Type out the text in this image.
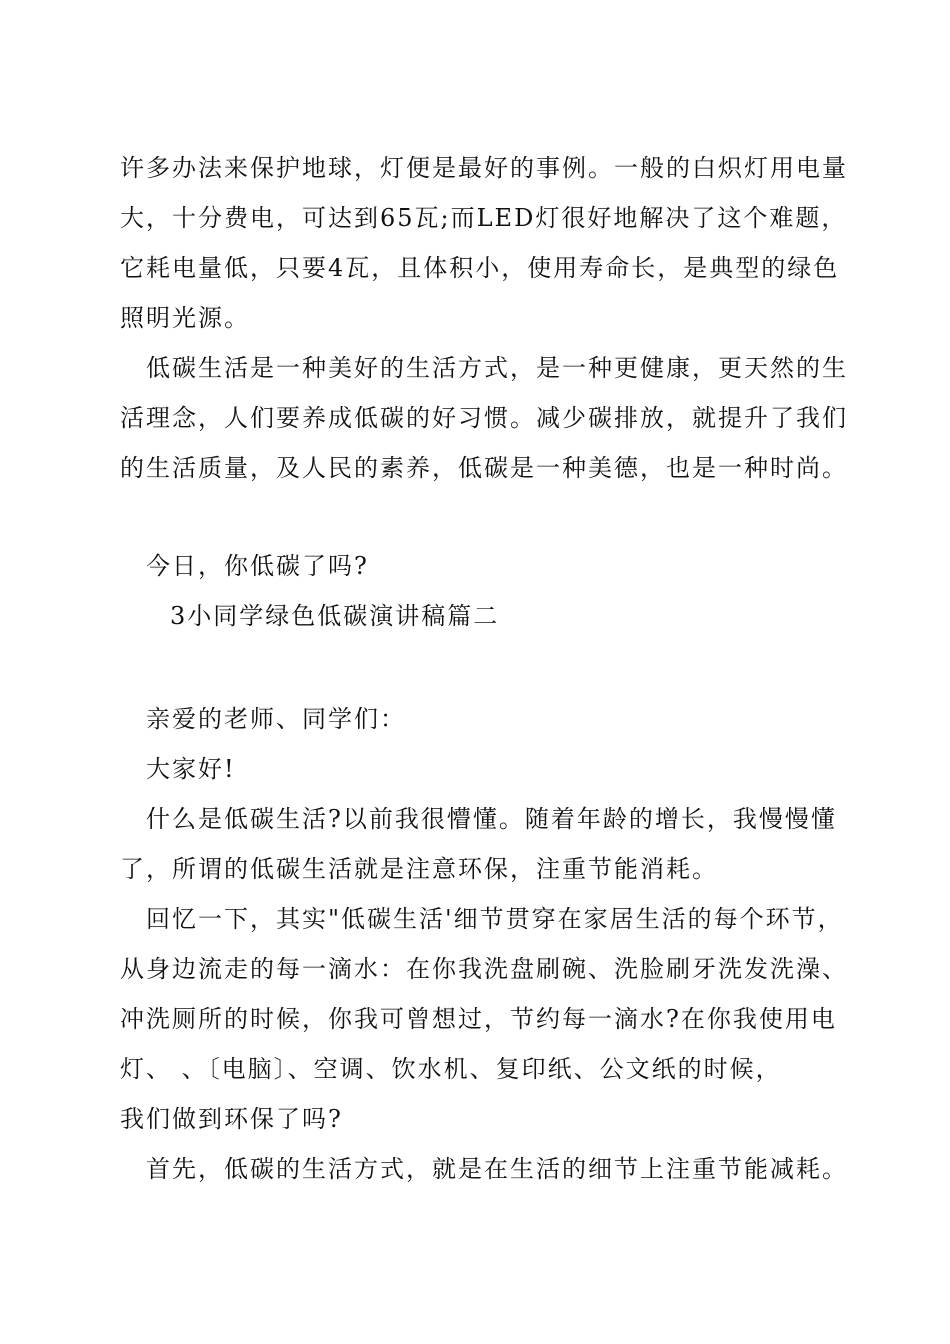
许多办法来保护地球，灯便是最好的事例。一般的白炽灯用电量
大，十分费电，可达到65瓦;而LED灯很好地解决了这个难题，
它耗电量低，只要4瓦，且体积小，使用寿命长，是典型的绿色
照明光源。
低碳生活是一种美好的生活方式，是一种更健康，更天然的生
活理念，人们要养成低碳的好习惯。减少碳排放，就提升了我们
的生活质量，及人民的素养，低碳是一种美德，也是一种时尚。
今日，你低碳了吗?
3小同学绿色低碳演讲稿篇二
亲爱的老师、同学们：
大家好!
什么是低碳生活?以前我很懵懂。随着年龄的增长，我慢慢懂
了，所谓的低碳生活就是注意环保，注重节能消耗。
回忆一下，其实"低碳生活'细节贯穿在家居生活的每个环节，
从身边流走的每一滴水：在你我洗盘刷碗、洗脸刷牙洗发洗澡、
冲洗厕所的时候，你我可曾想过，节约每一滴水?在你我使用电
灯、 、〔电脑〕、空调、饮水机、复印纸、公文纸的时候，
我们做到环保了吗?
首先，低碳的生活方式，就是在生活的细节上注重节能减耗。
